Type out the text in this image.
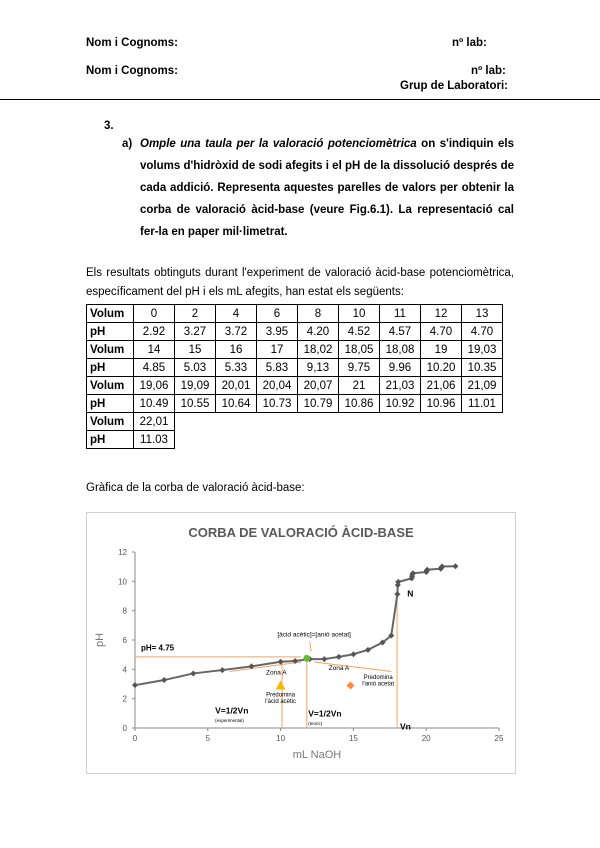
Nom i Cognoms:	nº lab:
Nom i Cognoms:	nº lab:
Grup de Laboratori:
3.
a) Omple una taula per la valoració potenciomètrica on s'indiquin els volums d'hidròxid de sodi afegits i el pH de la dissolució després de cada addició. Representa aquestes parelles de valors per obtenir la corba de valoració àcid-base (veure Fig.6.1). La representació cal fer-la en paper mil·limetrat.
Els resultats obtinguts durant l'experiment de valoració àcid-base potenciomètrica, específicament del pH i els mL afegits, han estat els següents:
Volum	0	2	4	6	8	10	11	12	13
pH	2.92	3.27	3.72	3.95	4.20	4.52	4.57	4.70	4.70
Volum	14	15	16	17	18,02	18,05	18,08	19	19,03
pH	4.85	5.03	5.33	5.83	9,13	9.75	9.96	10.20	10.35
Volum	19,06	19,09	20,01	20,04	20,07	21	21,03	21,06	21,09
pH	10.49	10.55	10.64	10.73	10.79	10.86	10.92	10.96	11.01
Volum	22,01								
pH	11.03								
Gràfica de la corba de valoració àcid-base:
CORBA DE VALORACIÓ ÀCID-BASE
0	5	10	15	20	25
0
2
4
6
8
10
12
mL NaOH
pH
pH= 4.75
[àcid acètic]=[anió acetat]
Zona A
Zona A
Predomina
l'àcid acètic
Predomina
l'anió acetat
V=1/2Vn
(experimental)
V=1/2Vn
(teoric)	Vn
N
